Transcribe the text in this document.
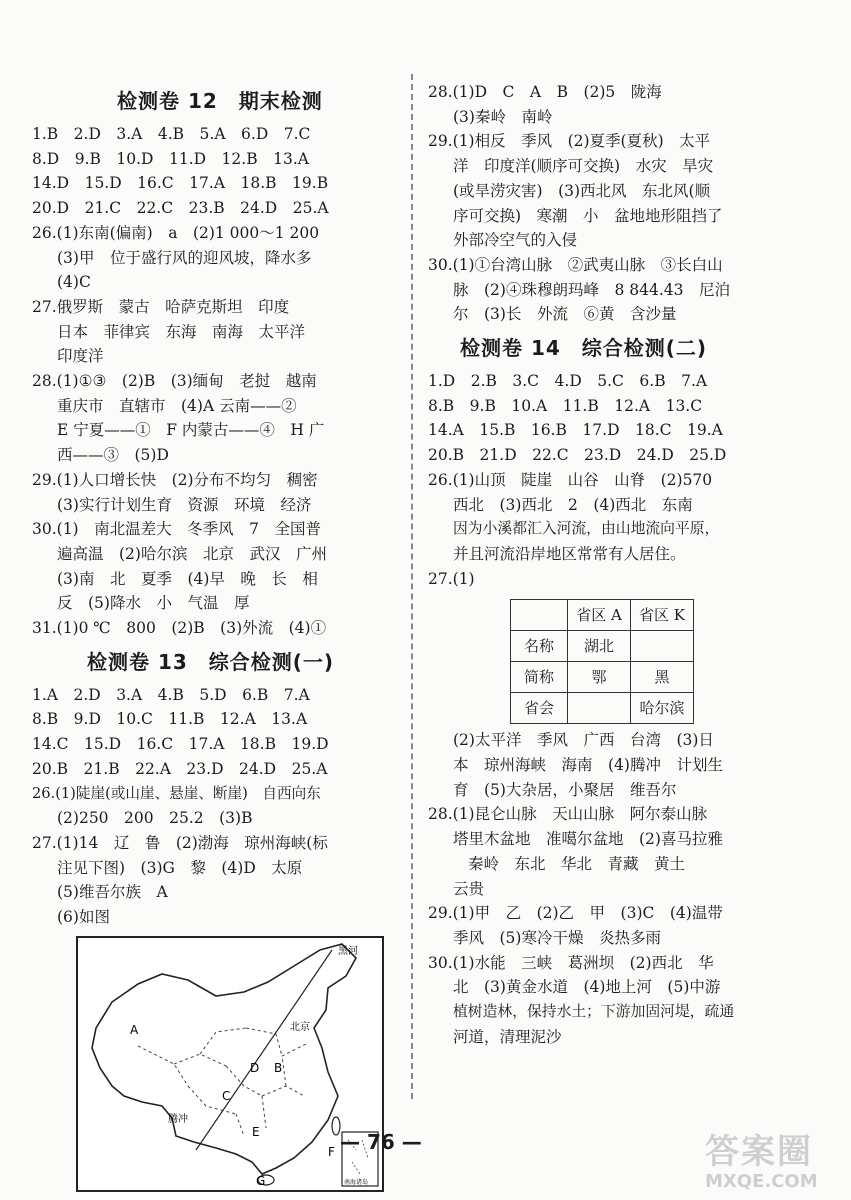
检测卷 12　期末检测
1.B　2.D　3.A　4.B　5.A　6.D　7.C
8.D　9.B　10.D　11.D　12.B　13.A
14.D　15.D　16.C　17.A　18.B　19.B
20.D　21.C　22.C　23.B　24.D　25.A
26.(1)东南(偏南)　a　(2)1 000～1 200
(3)甲　位于盛行风的迎风坡，降水多
(4)C
27.俄罗斯　蒙古　哈萨克斯坦　印度
日本　菲律宾　东海　南海　太平洋
印度洋
28.(1)①③　(2)B　(3)缅甸　老挝　越南
重庆市　直辖市　(4)A 云南——②
E 宁夏——①　F 内蒙古——④　H 广
西——③　(5)D
29.(1)人口增长快　(2)分布不均匀　稠密
(3)实行计划生育　资源　环境　经济
30.(1)　南北温差大　冬季风　7　全国普
遍高温　(2)哈尔滨　北京　武汉　广州
(3)南　北　夏季　(4)早　晚　长　相
反　(5)降水　小　气温　厚
31.(1)0 ℃　800　(2)B　(3)外流　(4)①
检测卷 13　综合检测(一)
1.A　2.D　3.A　4.B　5.D　6.B　7.A
8.B　9.D　10.C　11.B　12.A　13.A
14.C　15.D　16.C　17.A　18.B　19.D
20.B　21.B　22.A　23.D　24.D　25.A
26.(1)陡崖(或山崖、悬崖、断崖)　自西向东
(2)250　200　25.2　(3)B
27.(1)14　辽　鲁　(2)渤海　琼州海峡(标
注见下图)　(3)G　黎　(4)D　太原
(5)维吾尔族　A
(6)如图
黑河
A	北京
D B
C
腾冲
E
F
G	南海诸岛
28.(1)D　C　A　B　(2)5　陇海
(3)秦岭　南岭
29.(1)相反　季风　(2)夏季(夏秋)　太平
洋　印度洋(顺序可交换)　水灾　旱灾
(或旱涝灾害)　(3)西北风　东北风(顺
序可交换)　寒潮　小　盆地地形阻挡了
外部冷空气的入侵
30.(1)①台湾山脉　②武夷山脉　③长白山
脉　(2)④珠穆朗玛峰　8 844.43　尼泊
尔　(3)长　外流　⑥黄　含沙量
检测卷 14　综合检测(二)
1.D　2.B　3.C　4.D　5.C　6.B　7.A
8.B　9.B　10.A　11.B　12.A　13.C
14.A　15.B　16.B　17.D　18.C　19.A
20.B　21.D　22.C　23.D　24.D　25.D
26.(1)山顶　陡崖　山谷　山脊　(2)570
西北　(3)西北　2　(4)西北　东南
因为小溪都汇入河流，由山地流向平原，
并且河流沿岸地区常常有人居住。
27.(1)
	省区 A	省区 K
名称	湖北	
简称	鄂	黑
省会		哈尔滨
(2)太平洋　季风　广西　台湾　(3)日
本　琼州海峡　海南　(4)腾冲　计划生
育　(5)大杂居，小聚居　维吾尔
28.(1)昆仑山脉　天山山脉　阿尔泰山脉
塔里木盆地　准噶尔盆地　(2)喜马拉雅
秦岭　东北　华北　青藏　黄土
云贵
29.(1)甲　乙　(2)乙　甲　(3)C　(4)温带
季风　(5)寒冷干燥　炎热多雨
30.(1)水能　三峡　葛洲坝　(2)西北　华
北　(3)黄金水道　(4)地上河　(5)中游
植树造林，保持水土；下游加固河堤，疏通
河道，清理泥沙
— 76 —	答案圈
MXQE.COM
